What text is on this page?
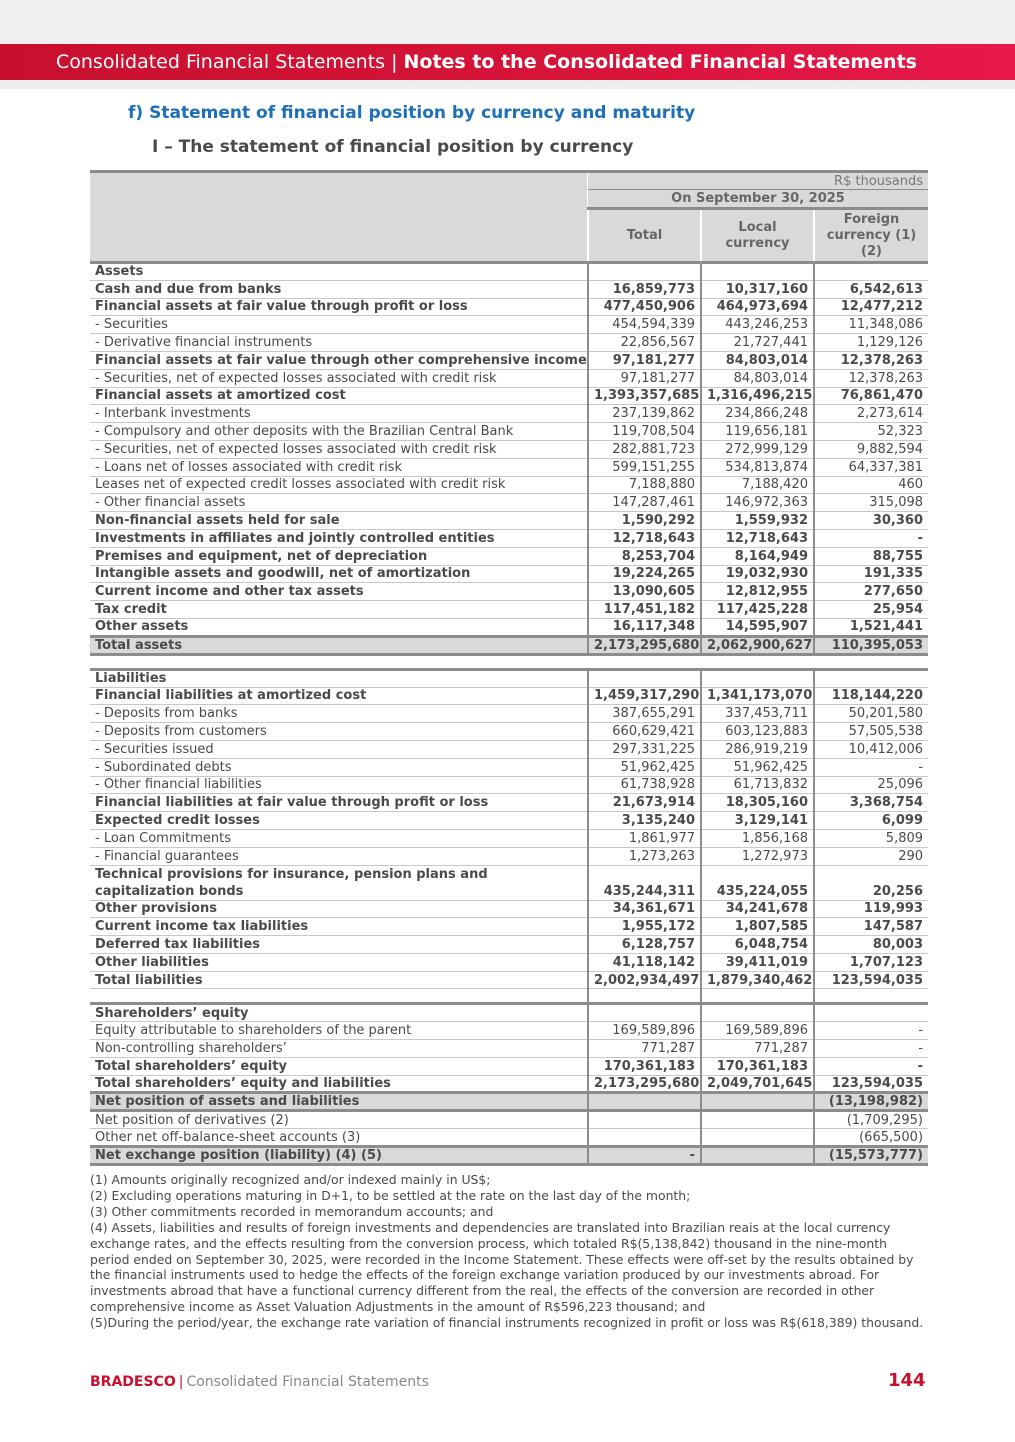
Consolidated Financial Statements | Notes to the Consolidated Financial Statements
f) Statement of financial position by currency and maturity
I – The statement of financial position by currency
	R$ thousands		
	On September 30, 2025		
	Total	Local currency	Foreign currency (1) (2)
Assets			
Cash and due from banks	16,859,773	10,317,160	6,542,613
Financial assets at fair value through profit or loss	477,450,906	464,973,694	12,477,212
- Securities	454,594,339	443,246,253	11,348,086
- Derivative financial instruments	22,856,567	21,727,441	1,129,126
Financial assets at fair value through other comprehensive income	97,181,277	84,803,014	12,378,263
- Securities, net of expected losses associated with credit risk	97,181,277	84,803,014	12,378,263
Financial assets at amortized cost	1,393,357,685	1,316,496,215	76,861,470
- Interbank investments	237,139,862	234,866,248	2,273,614
- Compulsory and other deposits with the Brazilian Central Bank	119,708,504	119,656,181	52,323
- Securities, net of expected losses associated with credit risk	282,881,723	272,999,129	9,882,594
- Loans net of losses associated with credit risk	599,151,255	534,813,874	64,337,381
Leases net of expected credit losses associated with credit risk	7,188,880	7,188,420	460
- Other financial assets	147,287,461	146,972,363	315,098
Non-financial assets held for sale	1,590,292	1,559,932	30,360
Investments in affiliates and jointly controlled entities	12,718,643	12,718,643	-
Premises and equipment, net of depreciation	8,253,704	8,164,949	88,755
Intangible assets and goodwill, net of amortization	19,224,265	19,032,930	191,335
Current income and other tax assets	13,090,605	12,812,955	277,650
Tax credit	117,451,182	117,425,228	25,954
Other assets	16,117,348	14,595,907	1,521,441
Total assets	2,173,295,680	2,062,900,627	110,395,053

Liabilities			
Financial liabilities at amortized cost	1,459,317,290	1,341,173,070	118,144,220
- Deposits from banks	387,655,291	337,453,711	50,201,580
- Deposits from customers	660,629,421	603,123,883	57,505,538
- Securities issued	297,331,225	286,919,219	10,412,006
- Subordinated debts	51,962,425	51,962,425	-
- Other financial liabilities	61,738,928	61,713,832	25,096
Financial liabilities at fair value through profit or loss	21,673,914	18,305,160	3,368,754
Expected credit losses	3,135,240	3,129,141	6,099
- Loan Commitments	1,861,977	1,856,168	5,809
- Financial guarantees	1,273,263	1,272,973	290
Technical provisions for insurance, pension plans and capitalization bonds	435,244,311	435,224,055	20,256
Other provisions	34,361,671	34,241,678	119,993
Current income tax liabilities	1,955,172	1,807,585	147,587
Deferred tax liabilities	6,128,757	6,048,754	80,003
Other liabilities	41,118,142	39,411,019	1,707,123
Total liabilities	2,002,934,497	1,879,340,462	123,594,035

Shareholders’ equity			
Equity attributable to shareholders of the parent	169,589,896	169,589,896	-
Non-controlling shareholders’	771,287	771,287	-
Total shareholders’ equity	170,361,183	170,361,183	-
Total shareholders’ equity and liabilities	2,173,295,680	2,049,701,645	123,594,035
Net position of assets and liabilities			(13,198,982)
Net position of derivatives (2)			(1,709,295)
Other net off-balance-sheet accounts (3)			(665,500)
Net exchange position (liability) (4) (5)	-		(15,573,777)

(1) Amounts originally recognized and/or indexed mainly in US$;

(2) Excluding operations maturing in D+1, to be settled at the rate on the last day of the month;

(3) Other commitments recorded in memorandum accounts; and

(4) Assets, liabilities and results of foreign investments and dependencies are translated into Brazilian reais at the local currency exchange rates, and the effects resulting from the conversion process, which totaled R$(5,138,842) thousand in the nine-month period ended on September 30, 2025, were recorded in the Income Statement. These effects were off-set by the results obtained by the financial instruments used to hedge the effects of the foreign exchange variation produced by our investments abroad. For investments abroad that have a functional currency different from the real, the effects of the conversion are recorded in other comprehensive income as Asset Valuation Adjustments in the amount of R$596,223 thousand; and

(5)During the period/year, the exchange rate variation of financial instruments recognized in profit or loss was R$(618,389) thousand.

BRADESCO | Consolidated Financial Statements	144
